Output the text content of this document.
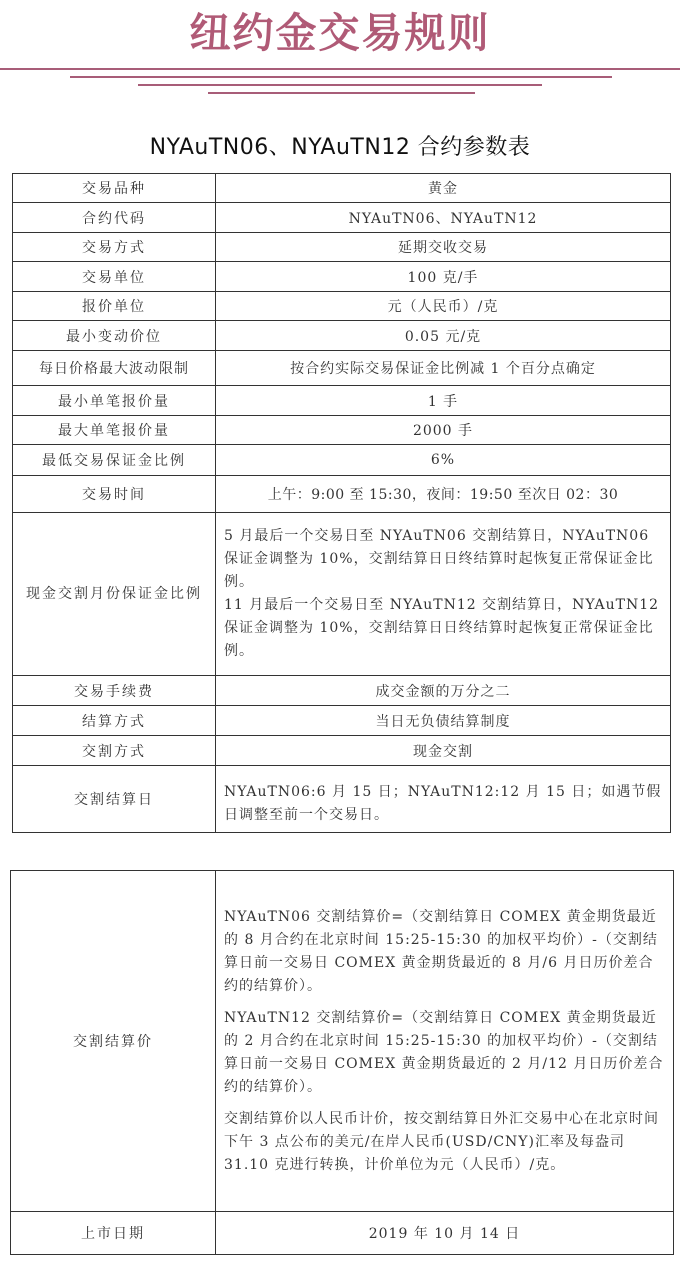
纽约金交易规则
NYAuTN06、NYAuTN12 合约参数表
交易品种	黄金
合约代码	NYAuTN06、NYAuTN12
交易方式	延期交收交易
交易单位	100 克/手
报价单位	元（人民币）/克
最小变动价位	0.05 元/克
每日价格最大波动限制	按合约实际交易保证金比例减 1 个百分点确定
最小单笔报价量	1 手
最大单笔报价量	2000 手
最低交易保证金比例	6%
交易时间	上午：9:00 至 15:30，夜间：19:50 至次日 02：30
现金交割月份保证金比例	5 月最后一个交易日至 NYAuTN06 交割结算日，NYAuTN06 保证金调整为 10%，交割结算日日终结算时起恢复正常保证金比例。

11 月最后一个交易日至 NYAuTN12 交割结算日，NYAuTN12 保证金调整为 10%，交割结算日日终结算时起恢复正常保证金比例。

交易手续费	成交金额的万分之二
结算方式	当日无负债结算制度
交割方式	现金交割
交割结算日	NYAuTN06:6 月 15 日；NYAuTN12:12 月 15 日；如遇节假日调整至前一个交易日。
交割结算价	NYAuTN06 交割结算价=（交割结算日 COMEX 黄金期货最近的 8 月合约在北京时间 15:25-15:30 的加权平均价）-（交割结算日前一交易日 COMEX 黄金期货最近的 8 月/6 月日历价差合约的结算价）。

NYAuTN12 交割结算价=（交割结算日 COMEX 黄金期货最近的 2 月合约在北京时间 15:25-15:30 的加权平均价）-（交割结算日前一交易日 COMEX 黄金期货最近的 2 月/12 月日历价差合约的结算价）。

交割结算价以人民币计价，按交割结算日外汇交易中心在北京时间下午 3 点公布的美元/在岸人民币(USD/CNY)汇率及每盎司 31.10 克进行转换，计价单位为元（人民币）/克。

上市日期	2019 年 10 月 14 日
